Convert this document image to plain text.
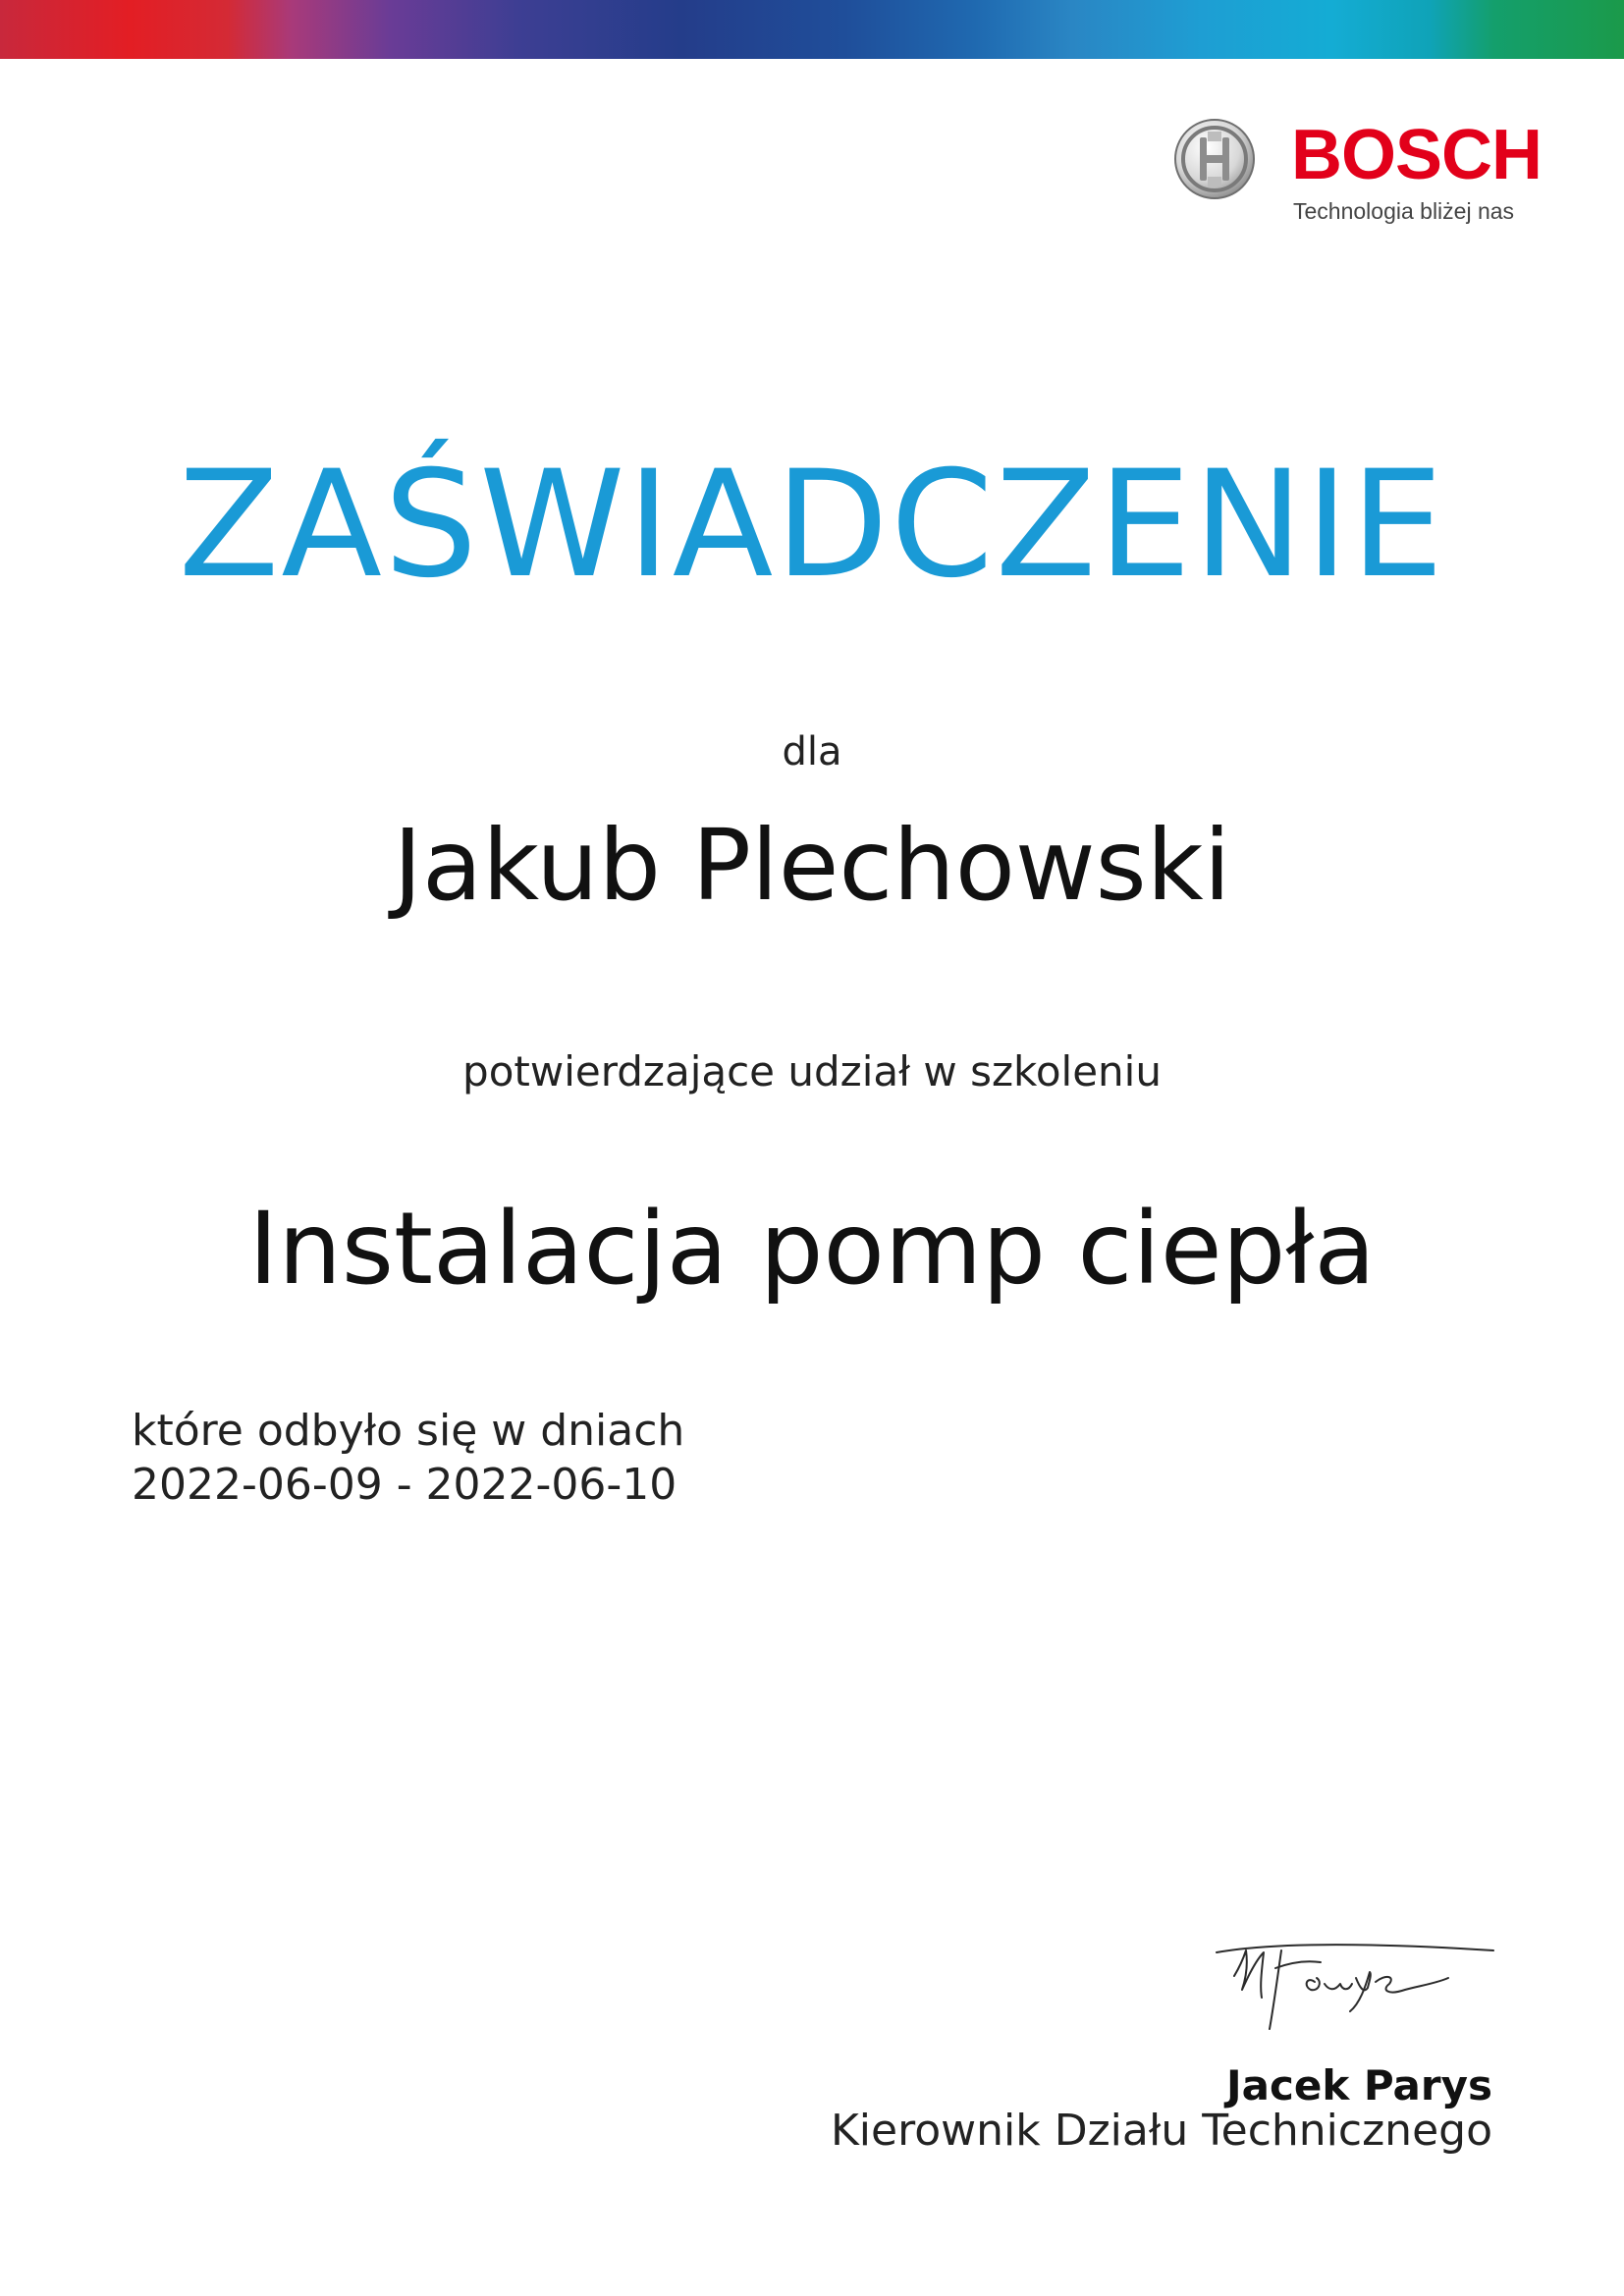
BOSCH
Technologia bliżej nas
ZAŚWIADCZENIE
dla
Jakub Plechowski
potwierdzające udział w szkoleniu
Instalacja pomp ciepła
które odbyło się w dniach
2022-06-09 - 2022-06-10
Jacek Parys
Kierownik Działu Technicznego
